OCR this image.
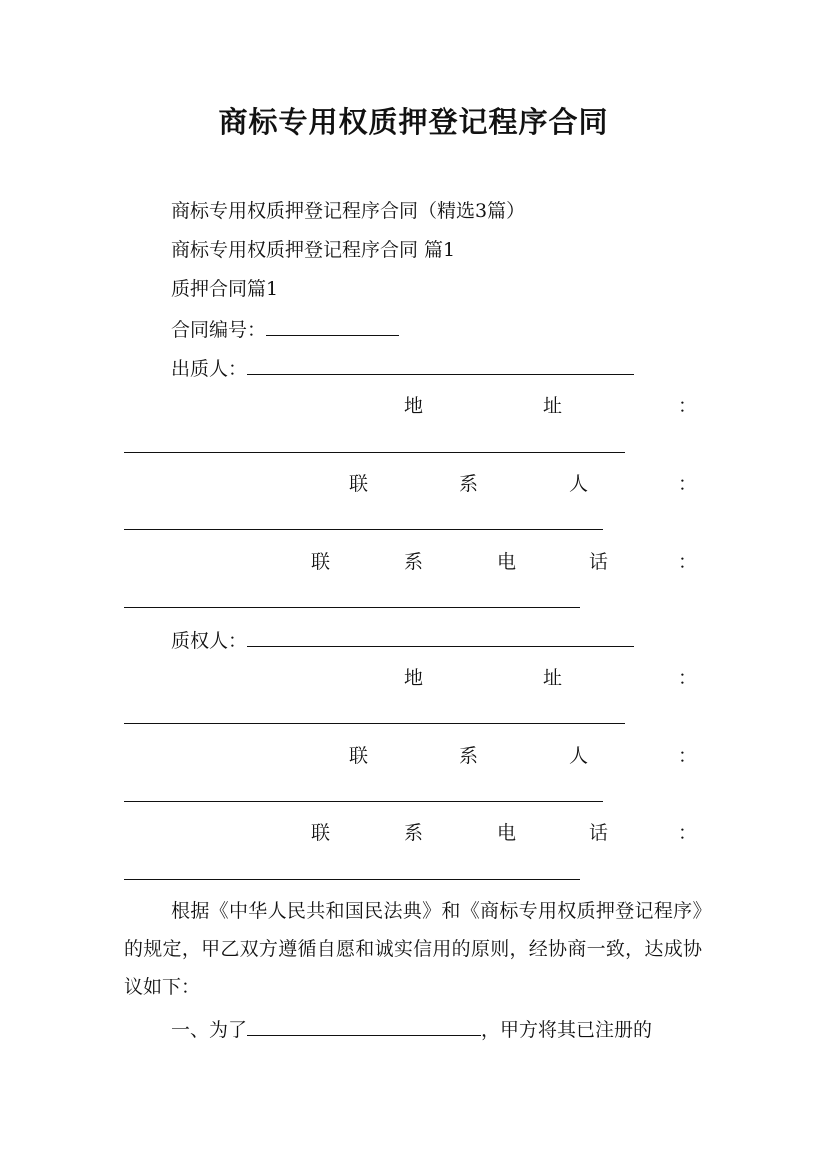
商标专用权质押登记程序合同
商标专用权质押登记程序合同（精选3篇）
商标专用权质押登记程序合同 篇1
质押合同篇1
合同编号：
出质人：
地	址	：
联	系	人	：
联	系	电	话	：
质权人：
地	址	：
联	系	人	：
联	系	电	话	：
根据《中华人民共和国民法典》和《商标专用权质押登记程序》的规定，甲乙双方遵循自愿和诚实信用的原则，经协商一致，达成协议如下：
一、为了	，甲方将其已注册的
